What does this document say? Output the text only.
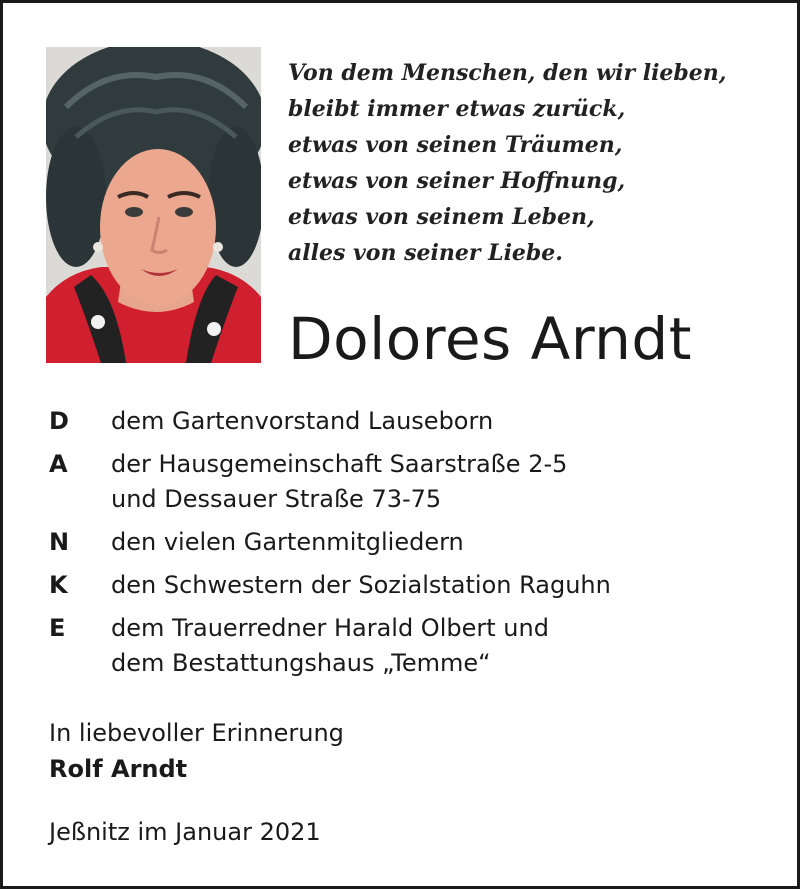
Von dem Menschen, den wir lieben,
bleibt immer etwas zurück,
etwas von seinen Träumen,
etwas von seiner Hoffnung,
etwas von seinem Leben,
alles von seiner Liebe.
Dolores Arndt
D	dem Gartenvorstand Lauseborn
A	der Hausgemeinschaft Saarstraße 2-5
und Dessauer Straße 73-75
N	den vielen Gartenmitgliedern
K	den Schwestern der Sozialstation Raguhn
E	dem Trauerredner Harald Olbert und
dem Bestattungshaus „Temme“
In liebevoller Erinnerung
Rolf Arndt
Jeßnitz im Januar 2021
